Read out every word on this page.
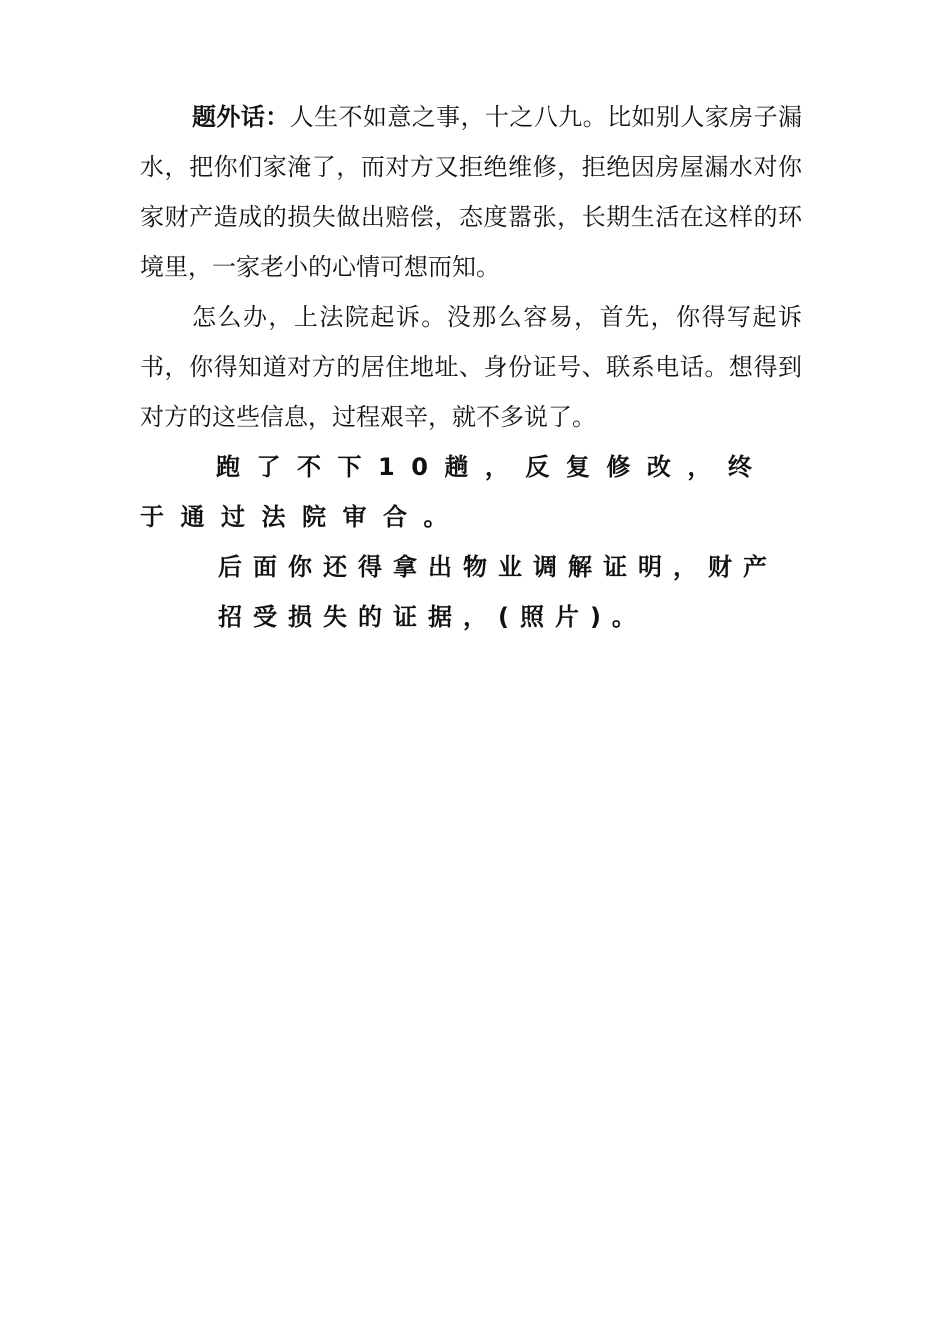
题外话：人生不如意之事，十之八九。比如别人家房子漏水，把你们家淹了，而对方又拒绝维修，拒绝因房屋漏水对你家财产造成的损失做出赔偿，态度嚣张，长期生活在这样的环境里，一家老小的心情可想而知。

怎么办，上法院起诉。没那么容易，首先，你得写起诉书，你得知道对方的居住地址、身份证号、联系电话。想得到对方的这些信息，过程艰辛，就不多说了。

跑了不下10趟，反复修改，终于通过法院审合。

后面你还得拿出物业调解证明，财产招受损失的证据，(照片)。
